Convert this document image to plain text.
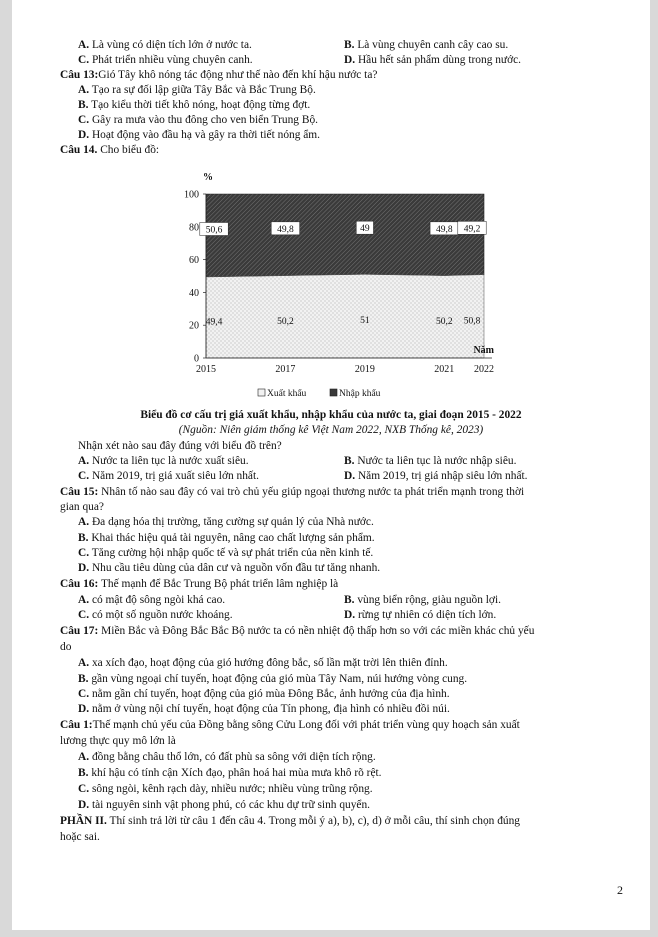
A. Là vùng có diện tích lớn ở nước ta.	B. Là vùng chuyên canh cây cao su.
C. Phát triển nhiều vùng chuyên canh.	D. Hầu hết sản phẩm dùng trong nước.
Câu 13:Gió Tây khô nóng tác động như thế nào đến khí hậu nước ta?
A. Tạo ra sự đối lập giữa Tây Bắc và Bắc Trung Bộ.
B. Tạo kiểu thời tiết khô nóng, hoạt động từng đợt.
C. Gây ra mưa vào thu đông cho ven biển Trung Bộ.
D. Hoạt động vào đầu hạ và gây ra thời tiết nóng ẩm.
Câu 14. Cho biểu đồ:
0
20
40
60
80
100
%
Năm
2015	2017	2019	2021 2022
50,6
49,4
49,8
50,2
49
51
49,8
50,2
49,2
50,8
Xuất khẩu	Nhập khẩu
Biểu đồ cơ cấu trị giá xuất khẩu, nhập khẩu của nước ta, giai đoạn 2015 - 2022
(Nguồn: Niên giám thống kê Việt Nam 2022, NXB Thống kê, 2023)
Nhận xét nào sau đây đúng với biểu đồ trên?
A. Nước ta liên tục là nước xuất siêu.	B. Nước ta liên tục là nước nhập siêu.
C. Năm 2019, trị giá xuất siêu lớn nhất.	D. Năm 2019, trị giá nhập siêu lớn nhất.
Câu 15: Nhân tố nào sau đây có vai trò chủ yếu giúp ngoại thương nước ta phát triển mạnh trong thời
gian qua?
A. Đa dạng hóa thị trường, tăng cường sự quản lý của Nhà nước.
B. Khai thác hiệu quả tài nguyên, nâng cao chất lượng sản phẩm.
C. Tăng cường hội nhập quốc tế và sự phát triển của nền kinh tế.
D. Nhu cầu tiêu dùng của dân cư và nguồn vốn đầu tư tăng nhanh.
Câu 16: Thế mạnh để Bắc Trung Bộ phát triển lâm nghiệp là
A. có mật độ sông ngòi khá cao.	B. vùng biển rộng, giàu nguồn lợi.
C. có một số nguồn nước khoáng.	D. rừng tự nhiên có diện tích lớn.
Câu 17: Miền Bắc và Đông Bắc Bắc Bộ nước ta có nền nhiệt độ thấp hơn so với các miền khác chủ yếu
do
A. xa xích đạo, hoạt động của gió hướng đông bắc, số lần mặt trời lên thiên đỉnh.
B. gần vùng ngoại chí tuyến, hoạt động của gió mùa Tây Nam, núi hướng vòng cung.
C. nằm gần chí tuyến, hoạt động của gió mùa Đông Bắc, ảnh hưởng của địa hình.
D. nằm ở vùng nội chí tuyến, hoạt động của Tín phong, địa hình có nhiều đồi núi.
Câu 1:Thế mạnh chủ yếu của Đồng bằng sông Cửu Long đối với phát triển vùng quy hoạch sản xuất
lương thực quy mô lớn là
A. đồng bằng châu thổ lớn, có đất phù sa sông với diện tích rộng.
B. khí hậu có tính cận Xích đạo, phân hoá hai mùa mưa khô rõ rệt.
C. sông ngòi, kênh rạch dày, nhiều nước; nhiều vùng trũng rộng.
D. tài nguyên sinh vật phong phú, có các khu dự trữ sinh quyển.
PHẦN II. Thí sinh trả lời từ câu 1 đến câu 4. Trong mỗi ý a), b), c), d) ở mỗi câu, thí sinh chọn đúng
hoặc sai.
2
